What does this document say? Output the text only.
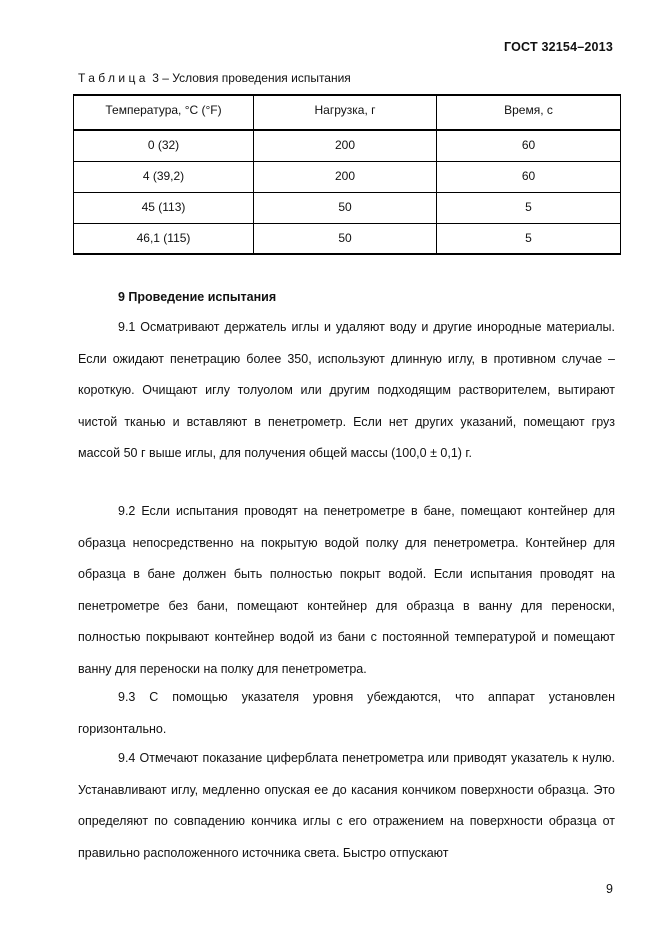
ГОСТ 32154–2013
Таблица 3 – Условия проведения испытания
Температура, °C (°F)	Нагрузка, г	Время, с
0 (32)	200	60
4 (39,2)	200	60
45 (113)	50	5
46,1 (115)	50	5
9 Проведение испытания

9.1 Осматривают держатель иглы и удаляют воду и другие инородные материалы. Если ожидают пенетрацию более 350, используют длинную иглу, в противном случае – короткую. Очищают иглу толуолом или другим подходящим растворителем, вытирают чистой тканью и вставляют в пенетрометр. Если нет других указаний, помещают груз массой 50 г выше иглы, для получения общей массы (100,0 ± 0,1) г.

9.2 Если испытания проводят на пенетрометре в бане, помещают контейнер для образца непосредственно на покрытую водой полку для пенетрометра. Контейнер для образца в бане должен быть полностью покрыт водой. Если испытания проводят на пенетрометре без бани, помещают контейнер для образца в ванну для переноски, полностью покрывают контейнер водой из бани с постоянной температурой и помещают ванну для переноски на полку для пенетрометра.

9.3 С помощью указателя уровня убеждаются, что аппарат установлен горизонтально.

9.4 Отмечают показание циферблата пенетрометра или приводят указатель к нулю. Устанавливают иглу, медленно опуская ее до касания кончиком поверхности образца. Это определяют по совпадению кончика иглы с его отражением на поверхности образца от правильно расположенного источника света. Быстро отпускают

9
